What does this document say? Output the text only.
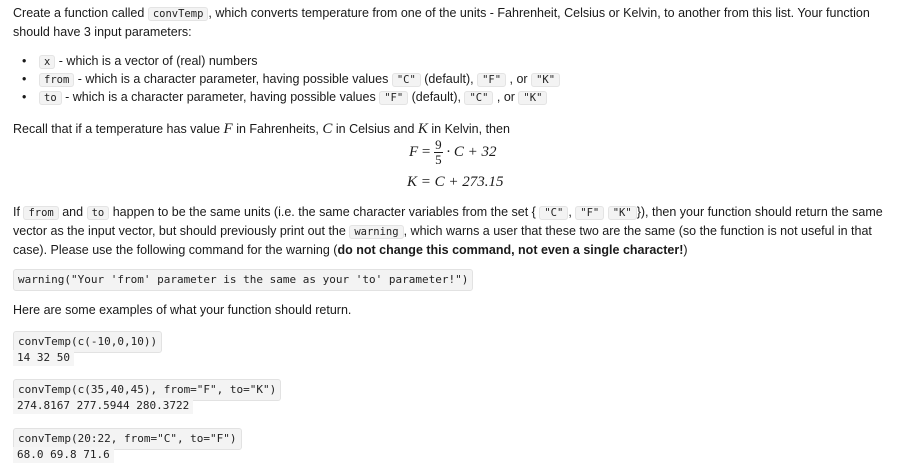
Create a function called convTemp , which converts temperature from one of the units - Fahrenheit, Celsius or Kelvin, to another from this list. Your function should have 3 input parameters:

• x - which is a vector of (real) numbers
• from - which is a character parameter, having possible values "C" (default), "F" , or "K"
• to - which is a character parameter, having possible values "F" (default), "C" , or "K"

Recall that if a temperature has value F in Fahrenheits, C in Celsius and K in Kelvin, then

$F = \frac{9}{5} \cdot C + 32$
K = C + 273.15

If from and to happen to be the same units (i.e. the same character variables from the set { "C" , "F" "K" }), then your function should return the same vector as the input vector, but should previously print out the warning , which warns a user that these two are the same (so the function is not useful in that case). Please use the following command for the warning (do not change this command, not even a single character!)

warning("Your 'from' parameter is the same as your 'to' parameter!")

Here are some examples of what your function should return.

convTemp(c(-10,0,10))
14 32 50
convTemp(c(35,40,45), from="F", to="K")
274.8167 277.5944 280.3722
convTemp(20:22, from="C", to="F")
68.0 69.8 71.6
